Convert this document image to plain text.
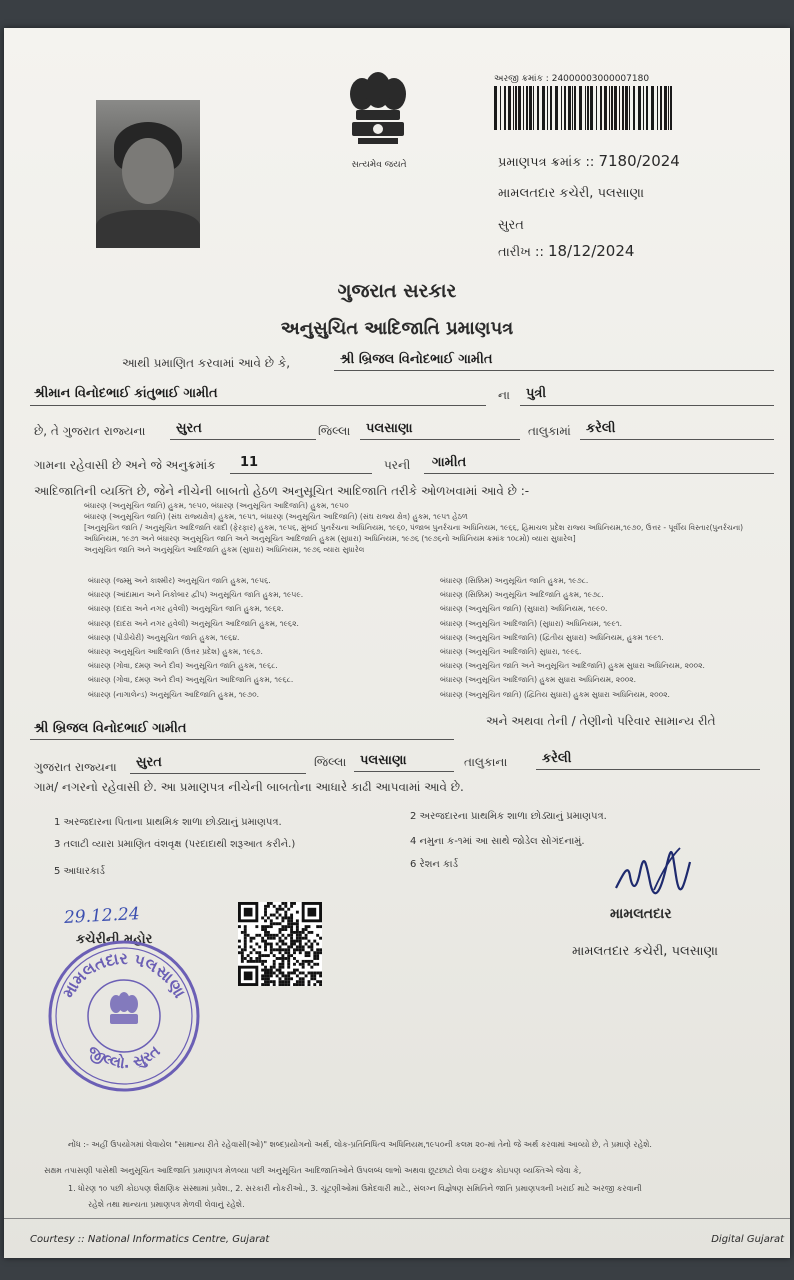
સત્યમેવ જયતે
અરજી ક્રમાંક : 24000003000007180
પ્રમાણપત્ર ક્રમાંક :: 7180/2024
મામલતદાર કચેરી, પલસાણા
સુરત
તારીખ :: 18/12/2024
ગુજરાત સરકાર
અનુસુચિત આદિજાતિ પ્રમાણપત્ર
આથી પ્રમાણિત કરવામાં આવે છે કે,	શ્રી બ્રિજલ વિનોદભાઈ ગામીત
શ્રીમાન વિનોદભાઈ કાંતુભાઈ ગામીત	ના પુત્રી
છે, તે ગુજરાત રાજ્યના સુરત	જિલ્લા પલસાણા	તાલુકામાં કરેલી
ગામના રહેવાસી છે અને જે અનુક્રમાંક 11	પરની ગામીત
આદિજાતિની વ્યક્તિ છે, જેને નીચેની બાબતો હેઠળ અનુસૂચિત આદિજાતિ તરીકે ઓળખવામાં આવે છે :-
બંધારણ (અનુસૂચિત જાતિ) હુકમ, ૧૯૫૦, બંધારણ (અનુસૂચિત આદિજાતિ) હુકમ, ૧૯૫૦
બંધારણ (અનુસૂચિત જાતિ) (સંઘ રાજ્યક્ષેત્ર) હુકમ, ૧૯૫૧, બંધારણ (અનુસૂચિત આદિજાતિ) (સંઘ રાજ્ય ક્ષેત્ર) હુકમ, ૧૯૫૧ હેઠળ
[અનુસૂચિત જાતિ / અનુસૂચિત આદિજાતિ યાદી (ફેરફાર) હુકમ, ૧૯૫૬, મુંબઈ પુનર્રચના અધિનિયમ, ૧૯૬૦, પંજાબ પુનર્રચના અધિનિયમ, ૧૯૬૬, હિમાચલ પ્રદેશ રાજ્ય અધિનિયમ,૧૯૭૦, ઉત્તર - પૂર્વીય વિસ્તાર(પુનર્રચના)
અધિનિયમ, ૧૯૭૧ અને બંધારણ અનુસૂચિત જાતિ અને અનુસૂચિત આદિજાતિ હુકમ (સુધારા) અધિનિયમ, ૧૯૭૬ (૧૯૭૬નો અધિનિયમ ક્રમાંક ૧૦૮મો) વ્યારા સુધારેલ]
અનુસૂચિત જાતિ અને અનુસૂચિત આદિજાતિ હુકમ (સુધારા) અધિનિયમ, ૧૯૭૬ વ્યારા સુધારેલ
બંધારણ (જમ્મુ અને કાશ્મીર) અનુસૂચિત જાતિ હુકમ, ૧૯૫૬.
બંધારણ (આંદામાન અને નિકોબાર દ્વીપ) અનુસૂચિત જાતિ હુકમ, ૧૯૫૯.
બંધારણ (દાદરા અને નગર હવેલી) અનુસૂચિત જાતિ હુકમ, ૧૯૬૨.
બંધારણ (દાદરા અને નગર હવેલી) અનુસૂચિત આદિજાતિ હુકમ, ૧૯૬૨.
બંધારણ (પોંડીચેરી) અનુસૂચિત જાતિ હુકમ, ૧૯૬૪.
બંધારણ અનુસૂચિત આદિજાતિ (ઉત્તર પ્રદેશ) હુકમ, ૧૯૬૭.
બંધારણ (ગોવા, દમણ અને દીવ) અનુસૂચિત જાતિ હુકમ, ૧૯૬૮.
બંધારણ (ગોવા, દમણ અને દીવ) અનુસૂચિત આદિજાતિ હુકમ, ૧૯૬૮.
બંધારણ (નાગાલેન્ડ) અનુસૂચિત આદિજાતિ હુકમ, ૧૯૭૦.
બંધારણ (સિક્કિમ) અનુસૂચિત જાતિ હુકમ, ૧૯૭૮.
બંધારણ (સિક્કિમ) અનુસૂચિત આદિજાતિ હુકમ, ૧૯૭૮.
બંધારણ (અનુસૂચિત જાતિ) (સુધારા) અધિનિયમ, ૧૯૯૦.
બંધારણ (અનુસૂચિત આદિજાતિ) (સુધારા) અધિનિયમ, ૧૯૯૧.
બંધારણ (અનુસૂચિત આદિજાતિ) (દ્વિતીય સુધારા) અધિનિયમ, હુકમ ૧૯૯૧.
બંધારણ (અનુસૂચિત આદિજાતિ) સુધારા, ૧૯૯૬.
બંધારણ (અનુસૂચિત જાતિ અને અનુસૂચિત આદિજાતિ) હુકમ સુધારા અધિનિયમ, ૨૦૦૨.
બંધારણ (અનુસૂચિત આદિજાતિ) હુકમ સુધારા અધિનિયમ, ૨૦૦૨.
બંધારણ (અનુસૂચિત જાતિ) (દ્વિતિય સુધારા) હુકમ સુધારા અધિનિયમ, ૨૦૦૨.
શ્રી બ્રિજલ વિનોદભાઈ ગામીત	અને અથવા તેની / તેણીનો પરિવાર સામાન્ય રીતે
ગુજરાત રાજ્યના સુરત	જિલ્લા પલસાણા	તાલુકાના	કરેલી
ગામ/ નગરનો રહેવાસી છે. આ પ્રમાણપત્ર નીચેની બાબતોના આધારે કાઢી આપવામાં આવે છે.
1 અરજદારના પિતાના પ્રાથમિક શાળા છોડ્યાનું પ્રમાણપત્ર.
2 અરજદારના પ્રાથમિક શાળા છોડ્યાનું પ્રમાણપત્ર.
3 તલાટી વ્યારા પ્રમાણિત વંશવૃક્ષ (પરદાદાથી શરૂઆત કરીને.)	4 નમુના ક-૧માં આ સાથે જોડેલ સોગંદનામું.
5 આધારકાર્ડ
6 રેશન કાર્ડ
મામલતદાર
મામલતદાર કચેરી, પલસાણા
29.12.24
કચેરીની મહોર
મામલતદાર પલસાણા
જીલ્લો. સુરત
નોંધ :- અહીં ઉપયોગમાં લેવાયેલ "સામાન્ય રીતે રહેવાસી(ઓ)" શબ્દપ્રયોગનો અર્થ, લોક-પ્રતિનિધિત્વ અધિનિયમ,૧૯૫૦ની કલમ ૨૦-માં તેનો જે અર્થ કરવામાં આવ્યો છે, તે પ્રમાણે રહેશે.
સક્ષમ તપાસણી પાસેથી અનુસૂચિત આદિજાતિ પ્રમાણપત્ર મેળવ્યા પછી અનુસૂચિત આદિજાતિઓને ઉપલબ્ધ લાભો અથવા છૂટછાટો લેવા ઇચ્છુક કોઇપણ વ્યક્તિએ જેવા કે,
1. ધોરણ ૧૦ પછી કોઇપણ શૈક્ષણિક સંસ્થામાં પ્રવેશ., 2. સરકારી નોકરીઓ., 3. ચૂંટણીઓમાં ઉમેદવારી માટે., સંલગ્ન વિજ્ઞેષણ સમિતિને જાતિ પ્રમાણપત્રની ખરાઈ માટે અરજી કરવાની
રહેશે તથા માન્યતા પ્રમાણપત્ર મેળવી લેવાનું રહેશે.
Courtesy :: National Informatics Centre, Gujarat	Digital Gujarat
